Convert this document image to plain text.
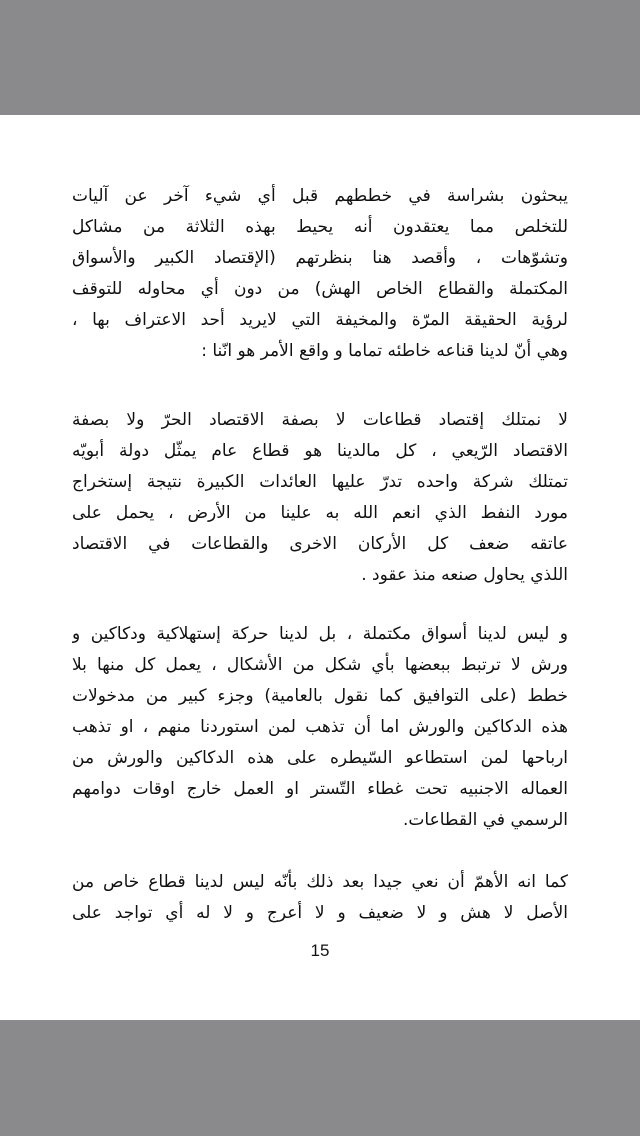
يبحثون بشراسة في خططهم قبل أي شيء آخر عن آليات
للتخلص مما يعتقدون أنه يحيط بهذه الثلاثة من مشاكل
وتشوّهات ، وأقصد هنا بنظرتهم (الإقتصاد الكبير والأسواق
المكتملة والقطاع الخاص الهش) من دون أي محاوله للتوقف
لرؤية الحقيقة المرّة والمخيفة التي لايريد أحد الاعتراف بها ،
وهي أنّ لدينا قناعه خاطئه تماما و واقع الأمر هو انّنا :
لا نمتلك إقتصاد قطاعات لا بصفة الاقتصاد الحرّ ولا بصفة
الاقتصاد الرّيعي ، كل مالدينا هو قطاع عام يمثّل دولة أبويّه
تمتلك شركة واحده تدرّ عليها العائدات الكبيرة نتيجة إستخراج
مورد النفط الذي انعم الله به علينا من الأرض ، يحمل على
عاتقه ضعف كل الأركان الاخرى والقطاعات في الاقتصاد
اللذي يحاول صنعه منذ عقود .
و ليس لدينا أسواق مكتملة ، بل لدينا حركة إستهلاكية ودكاكين و
ورش لا ترتبط ببعضها بأي شكل من الأشكال ، يعمل كل منها بلا
خطط (على التوافيق كما نقول بالعامية) وجزء كبير من مدخولات
هذه الدكاكين والورش اما أن تذهب لمن استوردنا منهم ، او تذهب
ارباحها لمن استطاعو السّيطره على هذه الدكاكين والورش من
العماله الاجنبيه تحت غطاء التّستر او العمل خارج اوقات دوامهم
الرسمي في القطاعات.
كما انه الأهمّ أن نعي جيدا بعد ذلك بأنّه ليس لدينا قطاع خاص من
الأصل لا هش و لا ضعيف و لا أعرج و لا له أي تواجد على
15
